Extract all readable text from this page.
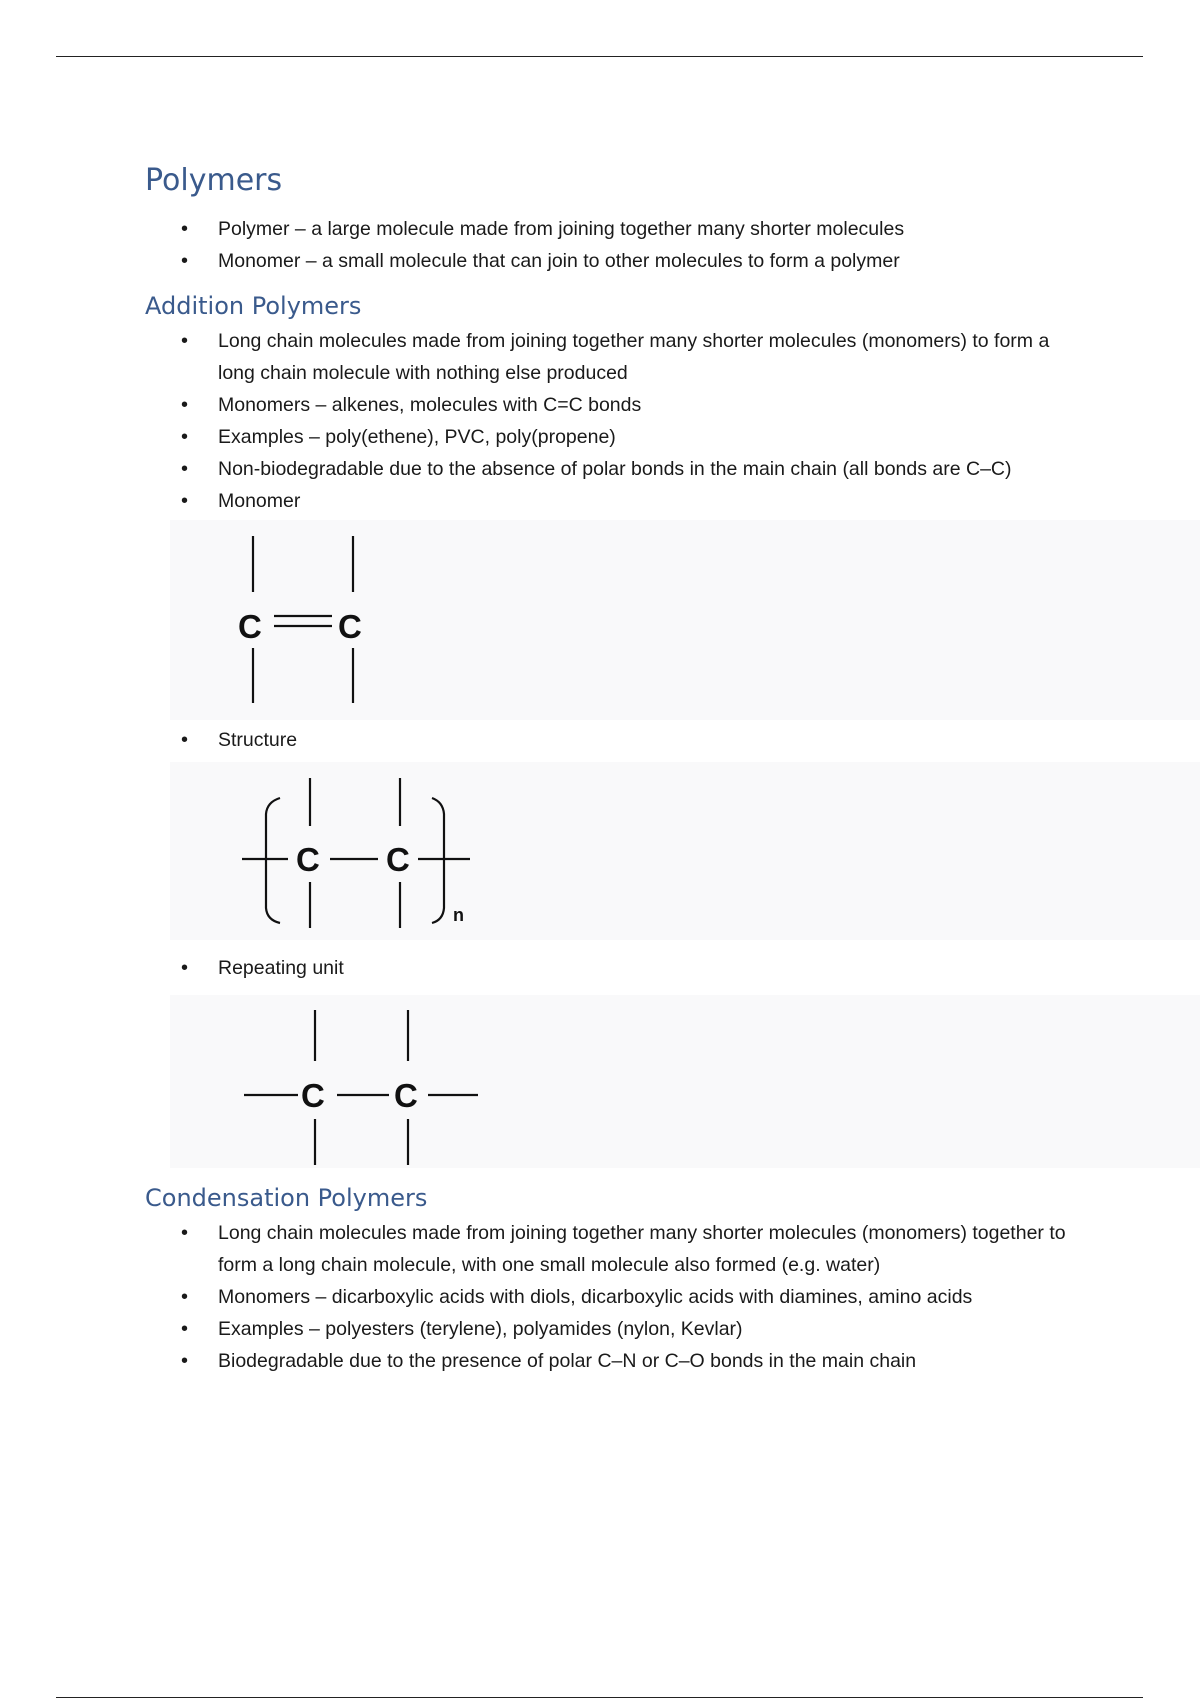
Polymers
• Polymer – a large molecule made from joining together many shorter molecules
• Monomer – a small molecule that can join to other molecules to form a polymer
Addition Polymers
• Long chain molecules made from joining together many shorter molecules (monomers) to form a long chain molecule with nothing else produced
• Monomers – alkenes, molecules with C=C bonds
• Examples – poly(ethene), PVC, poly(propene)
• Non-biodegradable due to the absence of polar bonds in the main chain (all bonds are C–C)
• Monomer
C C
• Structure
C C
n
• Repeating unit
C C
Condensation Polymers
• Long chain molecules made from joining together many shorter molecules (monomers) together to form a long chain molecule, with one small molecule also formed (e.g. water)
• Monomers – dicarboxylic acids with diols, dicarboxylic acids with diamines, amino acids
• Examples – polyesters (terylene), polyamides (nylon, Kevlar)
• Biodegradable due to the presence of polar C–N or C–O bonds in the main chain
